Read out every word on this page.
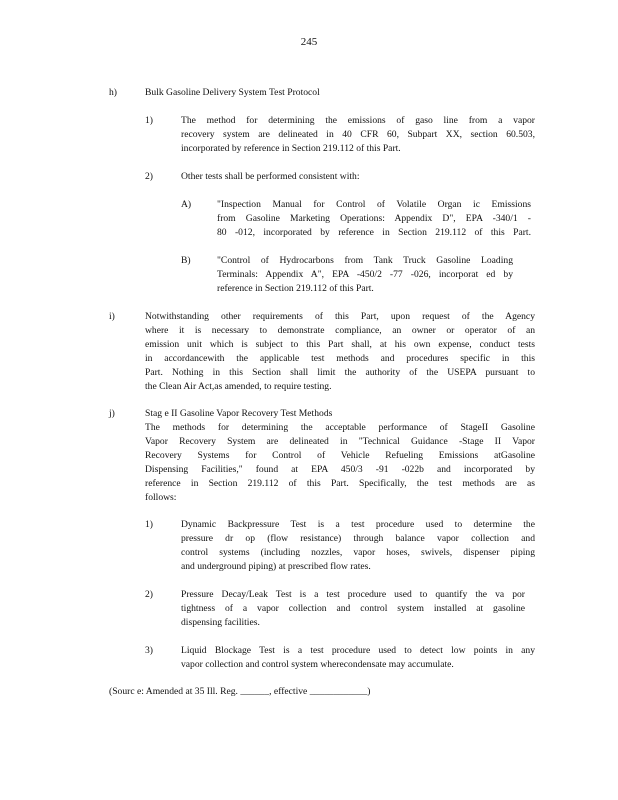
245
h)	Bulk Gasoline Delivery System Test Protocol
1)	The method for determining the emissions of gaso line from a vapor
recovery system are delineated in 40 CFR 60, Subpart XX, section 60.503,
incorporated by reference in Section 219.112 of this Part.
2)	Other tests shall be performed consistent with:
A)	"Inspection Manual for Control of Volatile Organ ic Emissions
from Gasoline Marketing Operations: Appendix D", EPA -340/1 -
80 -012, incorporated by reference in Section 219.112 of this Part.
B)	"Control of Hydrocarbons from Tank Truck Gasoline Loading
Terminals: Appendix A", EPA -450/2 -77 -026, incorporat ed by
reference in Section 219.112 of this Part.
i)	Notwithstanding other requirements of this Part, upon request of the Agency
where it is necessary to demonstrate compliance, an owner or operator of an
emission unit which is subject to this Part shall, at his own expense, conduct tests
in accordancewith the applicable test methods and procedures specific in this
Part. Nothing in this Section shall limit the authority of the USEPA pursuant to
the Clean Air Act,as amended, to require testing.
j)	Stag e II Gasoline Vapor Recovery Test Methods
The methods for determining the acceptable performance of StageII Gasoline
Vapor Recovery System are delineated in "Technical Guidance -Stage II Vapor
Recovery Systems for Control of Vehicle Refueling Emissions atGasoline
Dispensing Facilities," found at EPA 450/3 -91 -022b and incorporated by
reference in Section 219.112 of this Part. Specifically, the test methods are as
follows:
1)	Dynamic Backpressure Test is a test procedure used to determine the
pressure dr op (flow resistance) through balance vapor collection and
control systems (including nozzles, vapor hoses, swivels, dispenser piping
and underground piping) at prescribed flow rates.
2)	Pressure Decay/Leak Test is a test procedure used to quantify the va por
tightness of a vapor collection and control system installed at gasoline
dispensing facilities.
3)	Liquid Blockage Test is a test procedure used to detect low points in any
vapor collection and control system wherecondensate may accumulate.
(Sourc e: Amended at 35 Ill. Reg. ______, effective ____________)
